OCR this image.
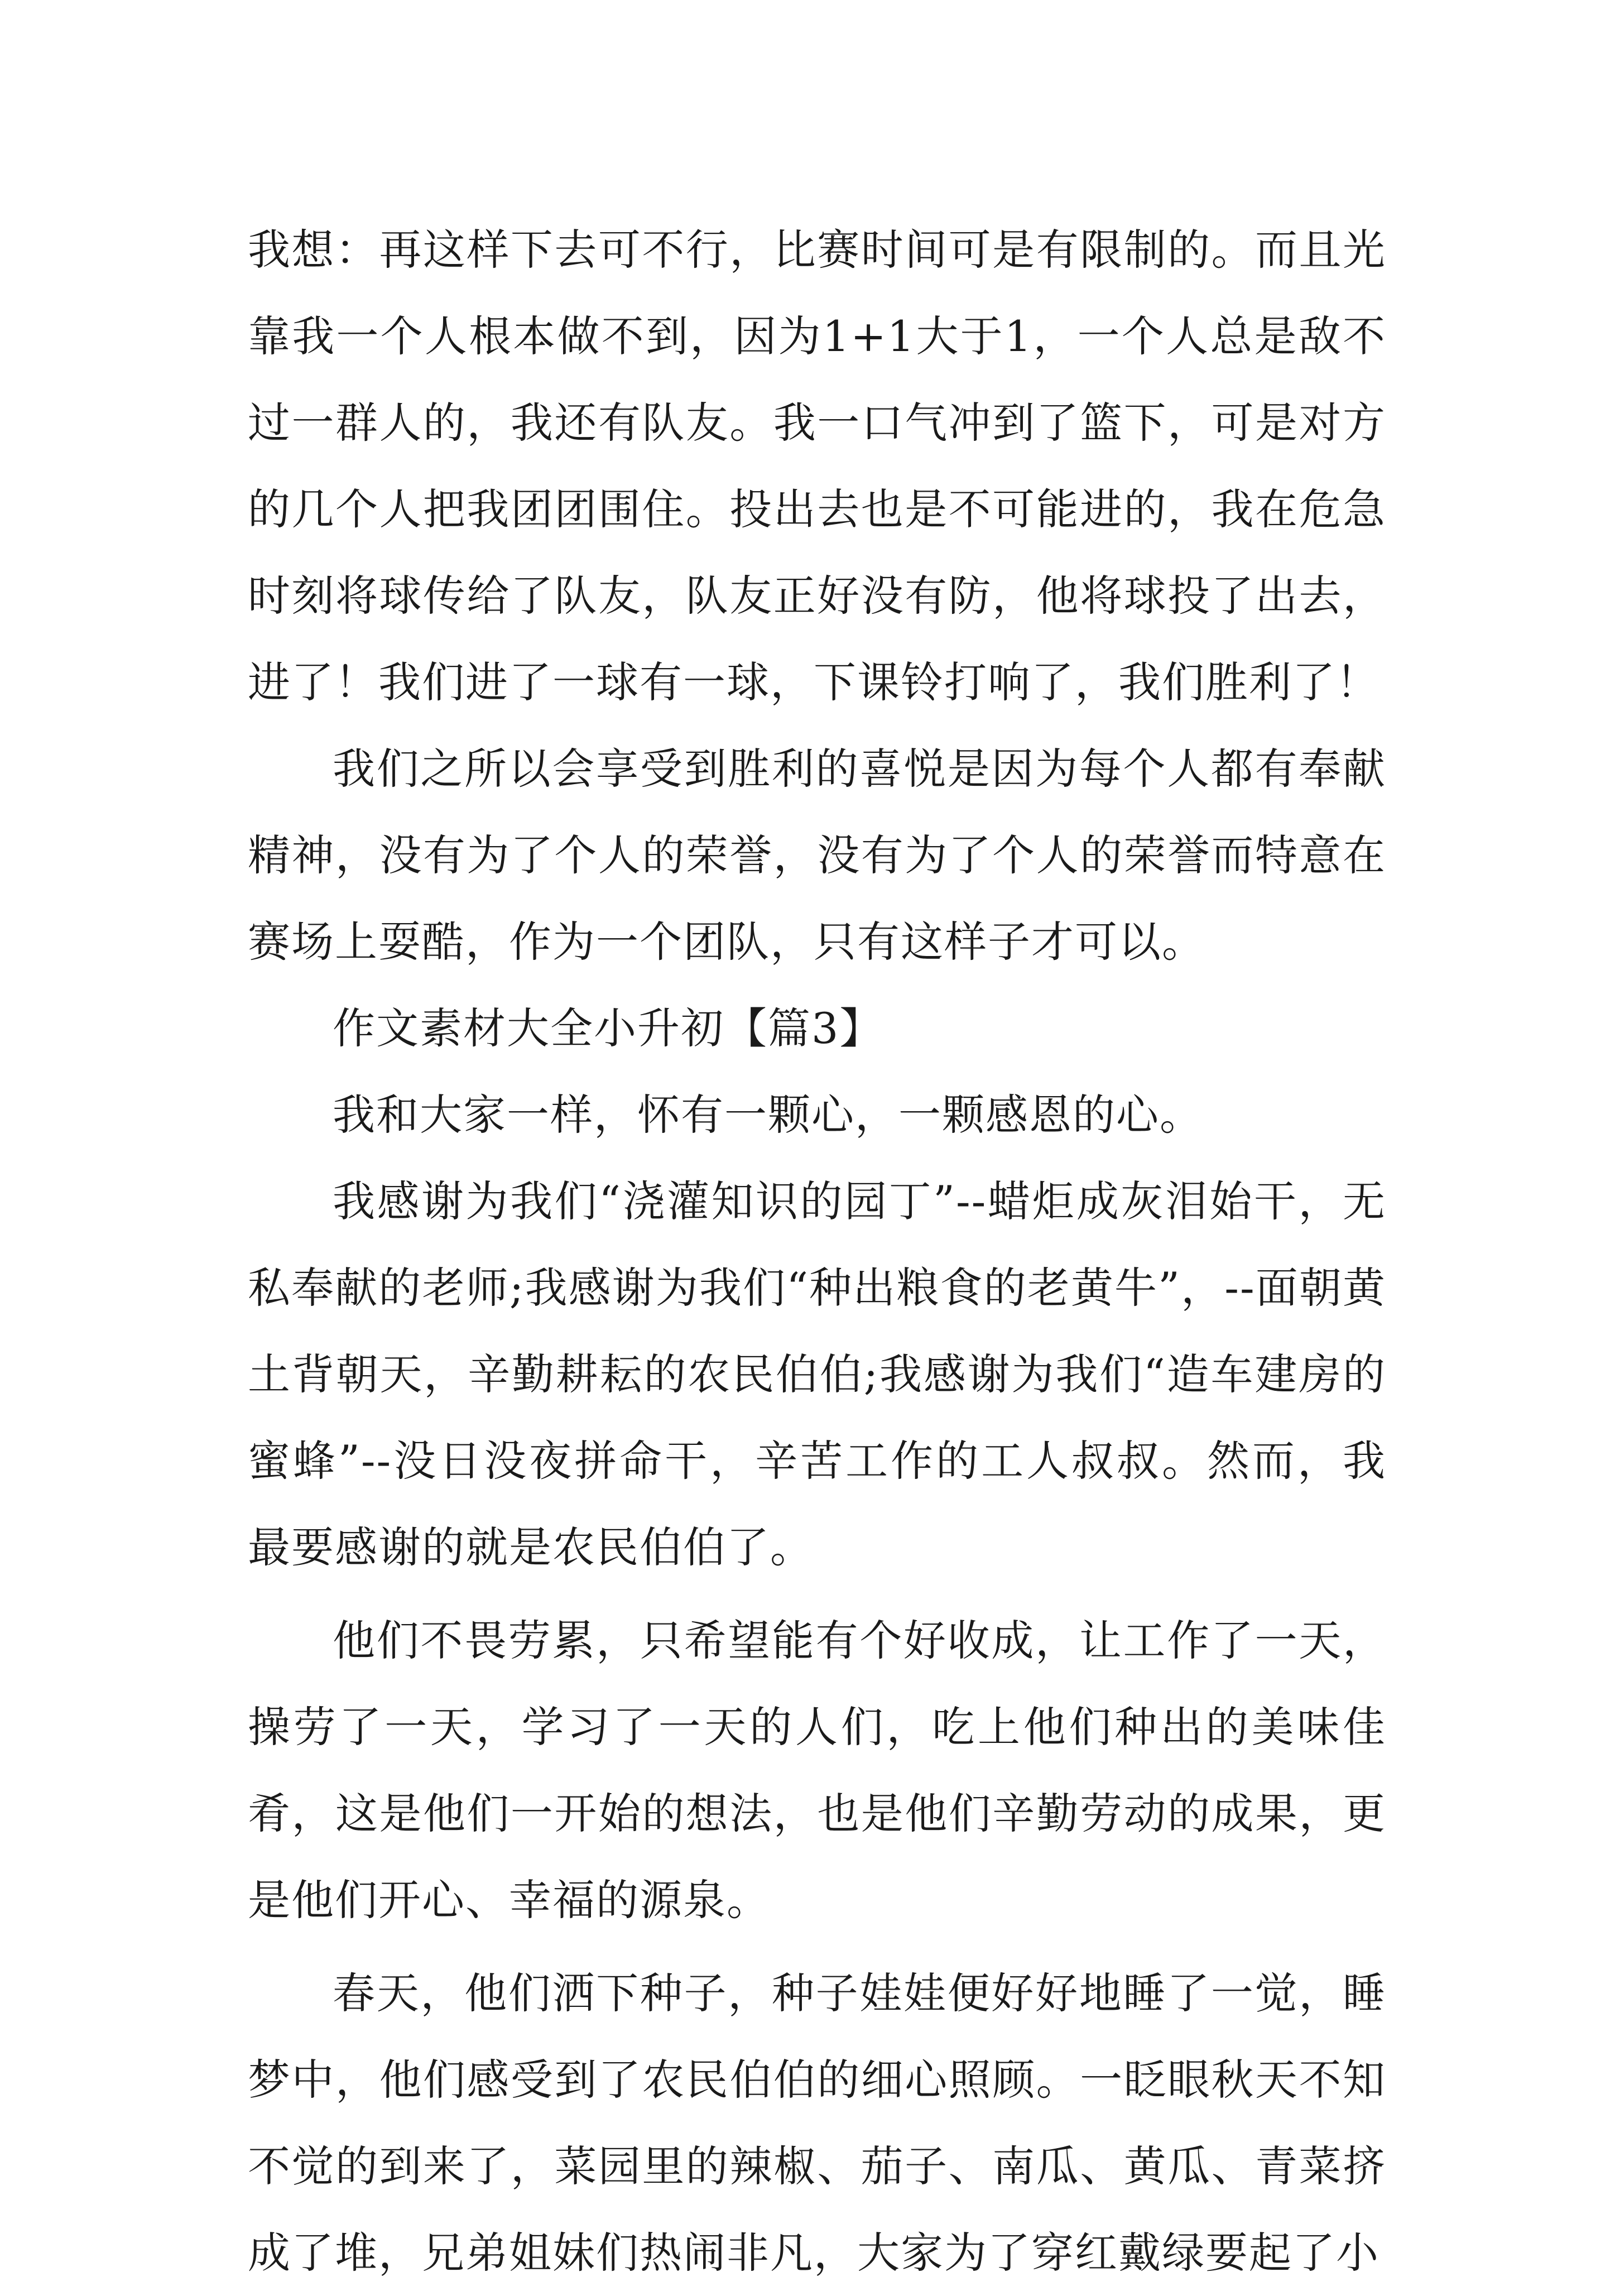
我想：再这样下去可不行，比赛时间可是有限制的。而且光靠我一个人根本做不到，因为1+1大于1，一个人总是敌不过一群人的，我还有队友。我一口气冲到了篮下，可是对方的几个人把我团团围住。投出去也是不可能进的，我在危急时刻将球传给了队友，队友正好没有防，他将球投了出去，进了！我们进了一球有一球，下课铃打响了，我们胜利了！

我们之所以会享受到胜利的喜悦是因为每个人都有奉献精神，没有为了个人的荣誉，没有为了个人的荣誉而特意在赛场上耍酷，作为一个团队，只有这样子才可以。

作文素材大全小升初【篇3】

我和大家一样，怀有一颗心，一颗感恩的心。

我感谢为我们“浇灌知识的园丁”--蜡炬成灰泪始干，无私奉献的老师;我感谢为我们“种出粮食的老黄牛”，--面朝黄土背朝天，辛勤耕耘的农民伯伯;我感谢为我们“造车建房的蜜蜂”--没日没夜拼命干，辛苦工作的工人叔叔。然而，我最要感谢的就是农民伯伯了。

他们不畏劳累，只希望能有个好收成，让工作了一天，操劳了一天，学习了一天的人们，吃上他们种出的美味佳肴，这是他们一开始的想法，也是他们辛勤劳动的成果，更是他们开心、幸福的源泉。

春天，他们洒下种子，种子娃娃便好好地睡了一觉，睡梦中，他们感受到了农民伯伯的细心照顾。一眨眼秋天不知不觉的到来了，菜园里的辣椒、茄子、南瓜、黄瓜、青菜挤成了堆，兄弟姐妹们热闹非凡，大家为了穿红戴绿要起了小
